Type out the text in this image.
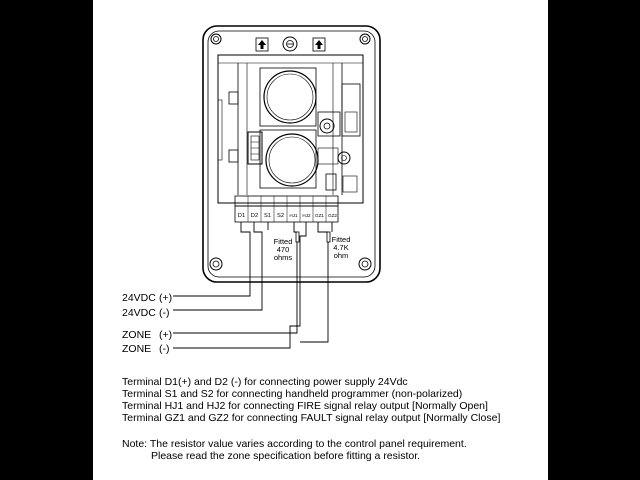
D1 D2 S1 S2 HJ1 HJ2 GZ1 GZ2
Fitted
470
ohms
Fitted
4.7K
ohm
24VDC (+)
24VDC (-)
ZONE (+)
ZONE (-)
Terminal D1(+) and D2 (-) for connecting power supply 24Vdc
Terminal S1 and S2 for connecting handheld programmer (non-polarized)
Terminal HJ1 and HJ2 for connecting FIRE signal relay output [Normally Open]
Terminal GZ1 and GZ2 for connecting FAULT signal relay output [Normally Close]
Note: The resistor value varies according to the control panel requirement.
Please read the zone specification before fitting a resistor.
